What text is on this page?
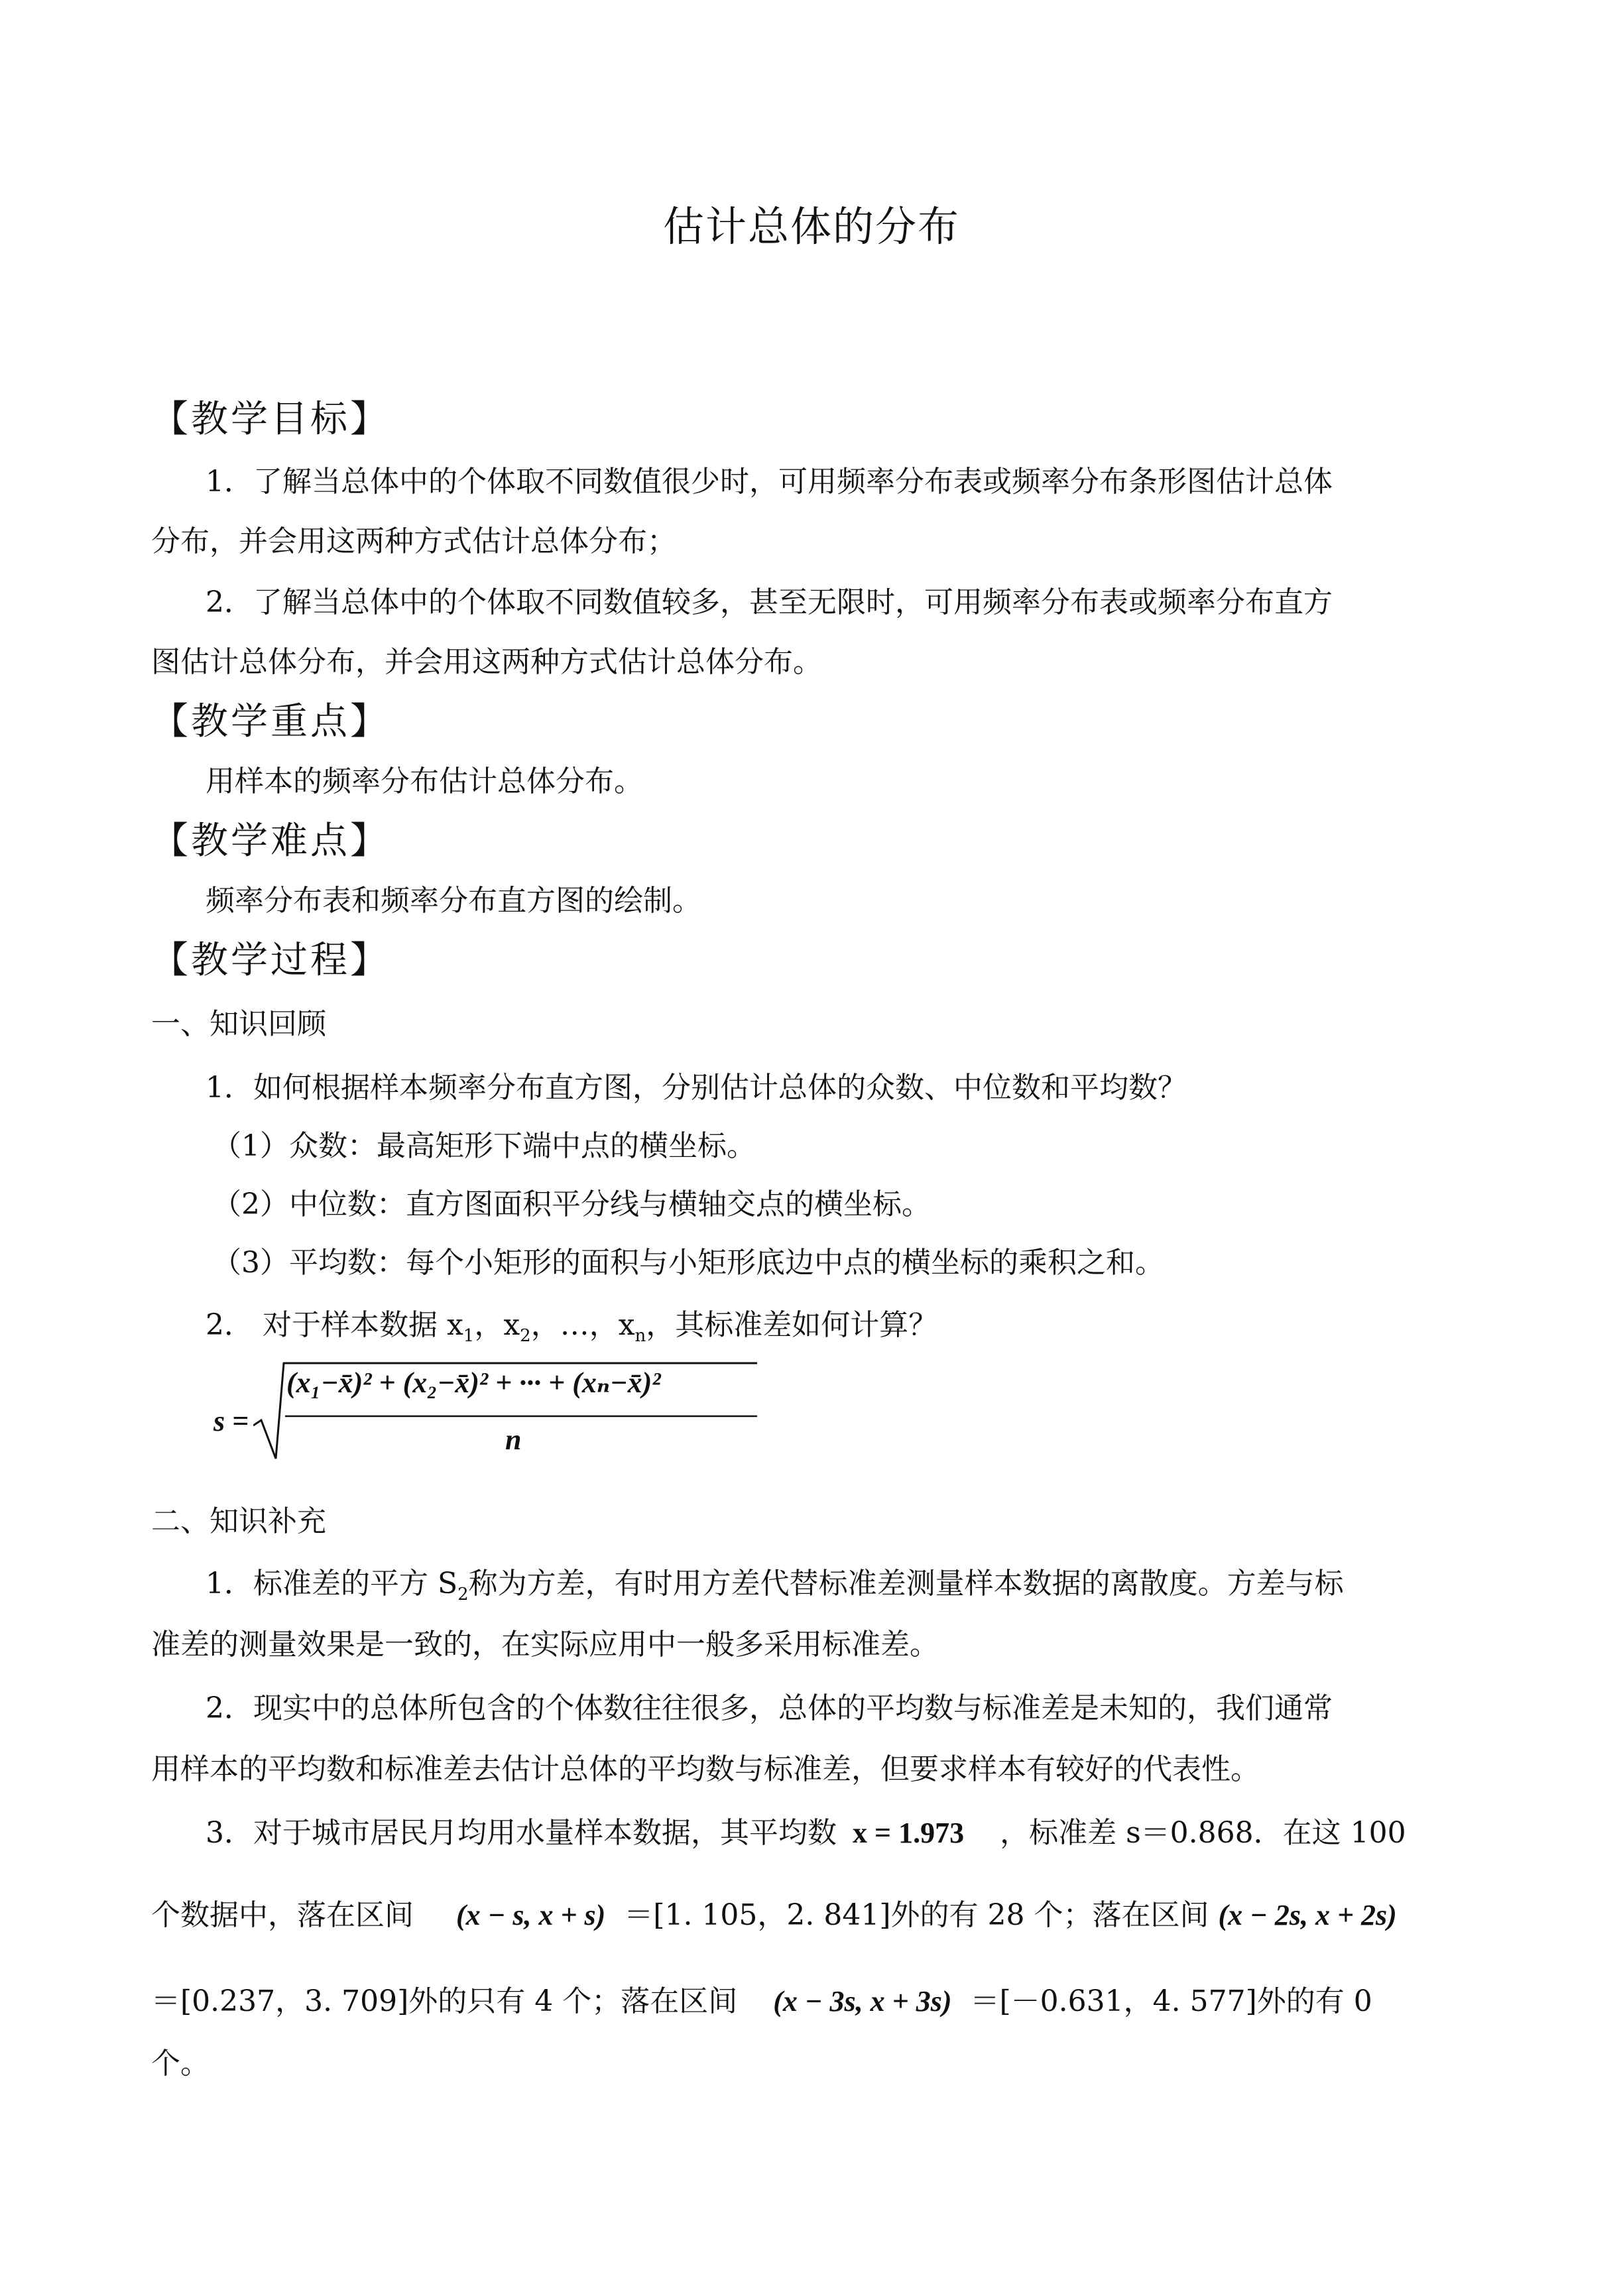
估计总体的分布
【教学目标】
1．了解当总体中的个体取不同数值很少时，可用频率分布表或频率分布条形图估计总体
分布，并会用这两种方式估计总体分布；
2．了解当总体中的个体取不同数值较多，甚至无限时，可用频率分布表或频率分布直方
图估计总体分布，并会用这两种方式估计总体分布。
【教学重点】
用样本的频率分布估计总体分布。
【教学难点】
频率分布表和频率分布直方图的绘制。
【教学过程】
一、知识回顾
1．如何根据样本频率分布直方图，分别估计总体的众数、中位数和平均数？
（1）众数：最高矩形下端中点的横坐标。
（2）中位数：直方图面积平分线与横轴交点的横坐标。
（3）平均数：每个小矩形的面积与小矩形底边中点的横坐标的乘积之和。
2． 对于样本数据 $x_1$，$x_2$，…，$x_n$，其标准差如何计算？
s =
(x₁−x̄)² + (x₂−x̄)² + ··· + (xₙ−x̄)²
n
二、知识补充
1．标准差的平方 $S_2$称为方差，有时用方差代替标准差测量样本数据的离散度。方差与标
准差的测量效果是一致的，在实际应用中一般多采用标准差。
2．现实中的总体所包含的个体数往往很多，总体的平均数与标准差是未知的，我们通常
用样本的平均数和标准差去估计总体的平均数与标准差，但要求样本有较好的代表性。
3．对于城市居民月均用水量样本数据，其平均数 x = 1.973 ，标准差 s＝0.868．在这 100
个数据中，落在区间 (x − s, x + s) ＝[1. 105，2. 841]外的有 28 个；落在区间 (x − 2s, x + 2s)
＝[0.237，3. 709]外的只有 4 个；落在区间 (x − 3s, x + 3s) ＝[－0.631，4. 577]外的有 0
个。
